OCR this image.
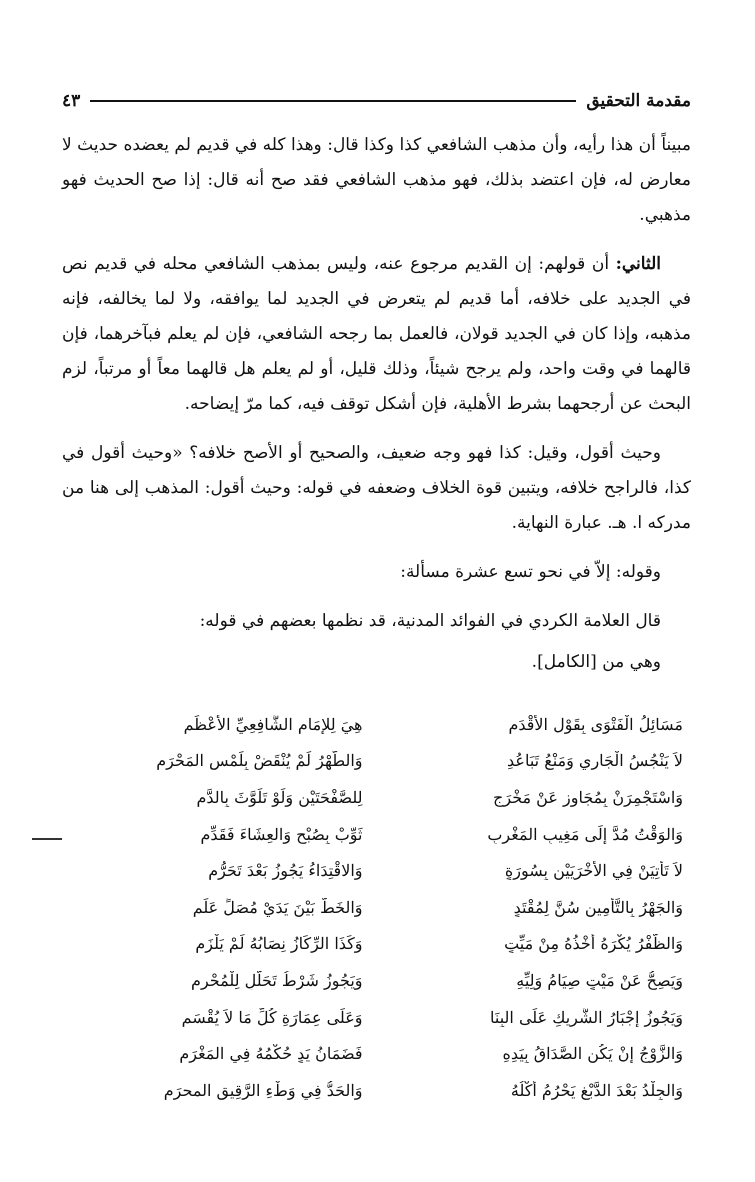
مقدمة التحقيق
٤٣

مبيناً أن هذا رأيه، وأن مذهب الشافعي كذا وكذا قال: وهذا كله في قديم لم يعضده حديث لا معارض له، فإن اعتضد بذلك، فهو مذهب الشافعي فقد صح أنه قال: إذا صح الحديث فهو مذهبي.

الثاني: أن قولهم: إن القديم مرجوع عنه، وليس بمذهب الشافعي محله في قديم نص في الجديد على خلافه، أما قديم لم يتعرض في الجديد لما يوافقه، ولا لما يخالفه، فإنه مذهبه، وإذا كان في الجديد قولان، فالعمل بما رجحه الشافعي، فإن لم يعلم فبآخرهما، فإن قالهما في وقت واحد، ولم يرجح شيئاً، وذلك قليل، أو لم يعلم هل قالهما معاً أو مرتباً، لزم البحث عن أرجحهما بشرط الأهلية، فإن أشكل توقف فيه، كما مرّ إيضاحه.

وحيث أقول، وقيل: كذا فهو وجه ضعيف، والصحيح أو الأصح خلافه؟ «وحيث أقول في كذا، فالراجح خلافه، ويتبين قوة الخلاف وضعفه في قوله: وحيث أقول: المذهب إلى هنا من مدركه ا. هـ. عبارة النهاية.

وقوله: إلاّ في نحو تسع عشرة مسألة:

قال العلامة الكردي في الفوائد المدنية، قد نظمها بعضهم في قوله:

وهي من [الكامل].

مَسَائِلُ الْفَتْوَى بِقَوْلِ الأَقْدَمِ
هِيَ لِلإِمَامِ الشَّافِعِيِّ الأَعْظَمِ
لاَ يَنْجُسُ الْجَارِي وَمَنْعُ تَبَاعُدِ
وَالطُّهْرُ لَمْ يُنْقَضْ بِلَمْسِ المَحْرَمِ
وَاسْتَجْمِرَنْ بِمُجَاوِزٍ عَنْ مَخْرَجِ
لِلصَّفْحَتَيْنِ وَلَوْ تَلَوَّثَ بِالدَّمِ
وَالوَقْتُ مُدَّ إِلَى مَغِيبِ المَغْرِبِ
ثَوِّبْ بِصُبْحٍ وَالعِشَاءَ فَقَدِّمِ
لاَ تَأْتِيَنْ فِي الأُخْرَيَيْنِ بِسُورَةٍ
وَالاقْتِدَاءُ يَجُوزُ بَعْدَ تَحَرُّمِ
وَالجَهْرُ بِالتَّأْمِينِ سُنَّ لِمُقْتَدٍ
وَالخَطُّ بَيْنَ يَدَيْ مُصَلٍّ عَلِّمِ
وَالظُّفْرُ يُكْرَهُ أَخْذُهُ مِنْ مَيِّتٍ
وَكَذَا الرِّكَازُ نِصَابُهُ لَمْ يَلْزَمِ
وَيَصِحُّ عَنْ مَيْتٍ صِيَامُ وَلِيِّهِ
وَيَجُوزُ شَرْطُ تَحَلُّلٍ لِلْمُحْرِمِ
وَيَجُوزُ إِجْبَارُ الشَّرِيكِ عَلَى البِنَا
وَعَلَى عِمَارَةِ كُلِّ مَا لاَ يُقْسَمِ
وَالزَّوْجُ إِنْ يَكُنِ الصَّدَاقُ بِيَدِهِ
فَضَمَانُ يَدٍ حُكْمُهُ فِي المَغْرَمِ
وَالجِلْدُ بَعْدَ الدَّبْغِ يَحْرُمُ أَكْلُهُ
وَالحَدُّ فِي وَطْءِ الرَّقِيقِ المحرَمِ
